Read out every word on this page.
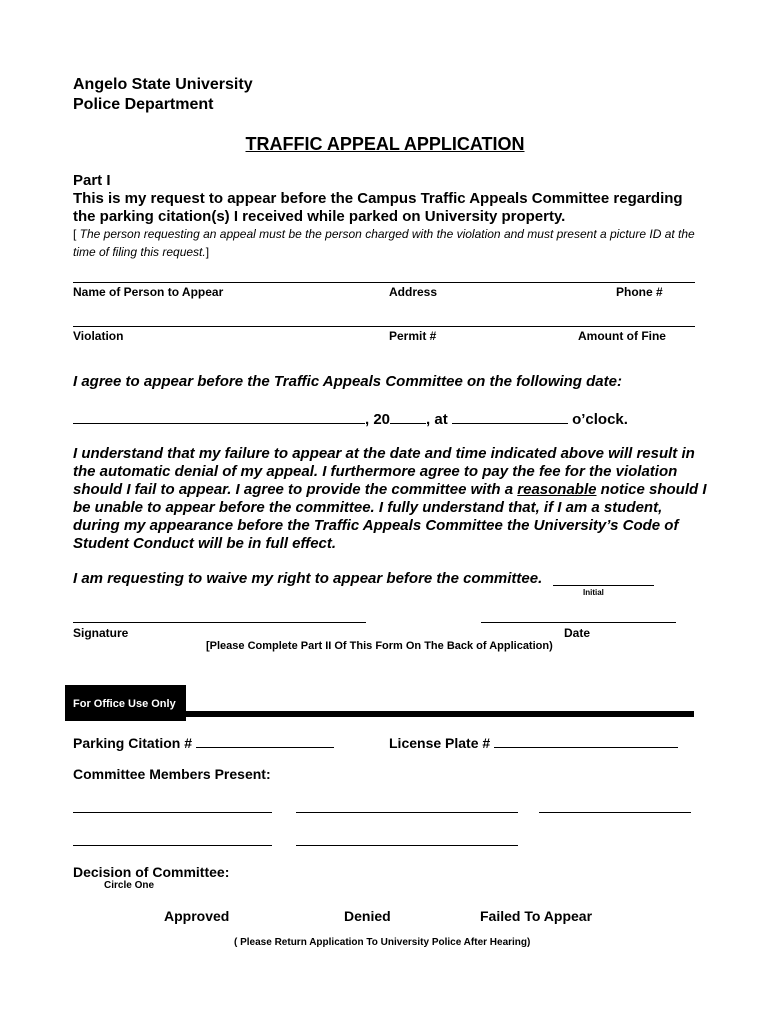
Angelo State University
Police Department
TRAFFIC APPEAL APPLICATION
Part I
This is my request to appear before the Campus Traffic Appeals Committee regarding the parking citation(s) I received while parked on University property.
[ The person requesting an appeal must be the person charged with the violation and must present a picture ID at the time of filing this request.]
Name of Person to Appear	Address	Phone #
Violation	Permit #	Amount of Fine
I agree to appear before the Traffic Appeals Committee on the following date:
, 20 , at	o’clock.
I understand that my failure to appear at the date and time indicated above will result in the automatic denial of my appeal. I furthermore agree to pay the fee for the violation should I fail to appear. I agree to provide the committee with a reasonable notice should I be unable to appear before the committee. I fully understand that, if I am a student, during my appearance before the Traffic Appeals Committee the University’s Code of Student Conduct will be in full effect.
I am requesting to waive my right to appear before the committee.
Initial
Signature	Date
[Please Complete Part II Of This Form On The Back of Application)
For Office Use Only
Parking Citation #	License Plate #
Committee Members Present:
Decision of Committee:
Circle One
Approved	Denied	Failed To Appear
( Please Return Application To University Police After Hearing)
